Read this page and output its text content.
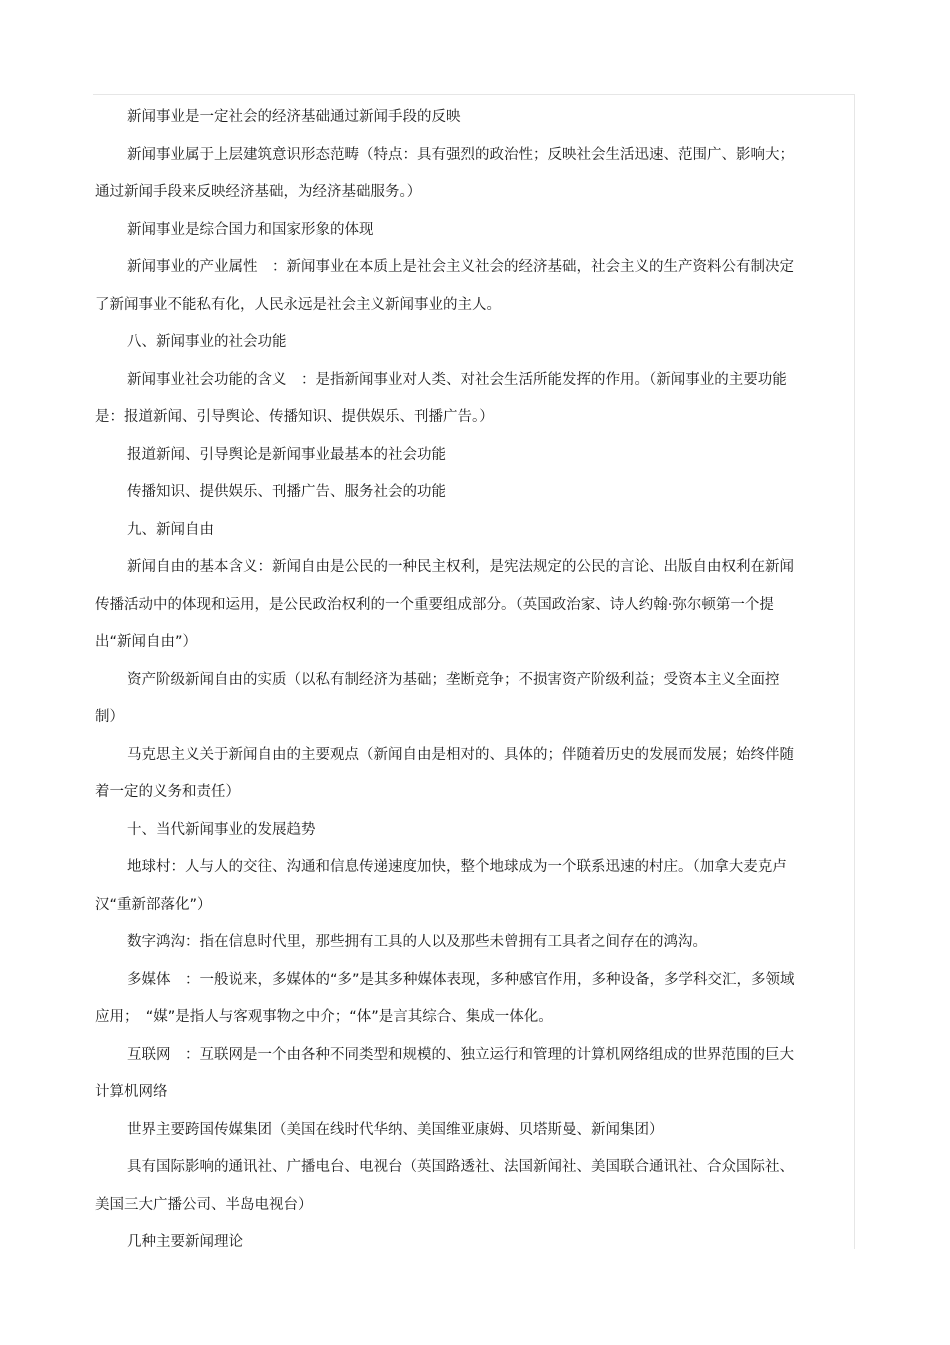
新闻事业是一定社会的经济基础通过新闻手段的反映

新闻事业属于上层建筑意识形态范畴（特点：具有强烈的政治性；反映社会生活迅速、范围广、影响大；通过新闻手段来反映经济基础，为经济基础服务。）

新闻事业是综合国力和国家形象的体现

新闻事业的产业属性　：新闻事业在本质上是社会主义社会的经济基础，社会主义的生产资料公有制决定了新闻事业不能私有化，人民永远是社会主义新闻事业的主人。

八、新闻事业的社会功能

新闻事业社会功能的含义　：是指新闻事业对人类、对社会生活所能发挥的作用。（新闻事业的主要功能是：报道新闻、引导舆论、传播知识、提供娱乐、刊播广告。）

报道新闻、引导舆论是新闻事业最基本的社会功能

传播知识、提供娱乐、刊播广告、服务社会的功能

九、新闻自由

新闻自由的基本含义：新闻自由是公民的一种民主权利，是宪法规定的公民的言论、出版自由权利在新闻传播活动中的体现和运用，是公民政治权利的一个重要组成部分。（英国政治家、诗人约翰·弥尔顿第一个提出“新闻自由”）

资产阶级新闻自由的实质（以私有制经济为基础；垄断竞争；不损害资产阶级利益；受资本主义全面控制）

马克思主义关于新闻自由的主要观点（新闻自由是相对的、具体的；伴随着历史的发展而发展；始终伴随着一定的义务和责任）

十、当代新闻事业的发展趋势

地球村：人与人的交往、沟通和信息传递速度加快，整个地球成为一个联系迅速的村庄。（加拿大麦克卢汉“重新部落化”）

数字鸿沟：指在信息时代里，那些拥有工具的人以及那些未曾拥有工具者之间存在的鸿沟。

多媒体　：一般说来，多媒体的“多”是其多种媒体表现，多种感官作用，多种设备，多学科交汇，多领域应用；　“媒”是指人与客观事物之中介；“体”是言其综合、集成一体化。

互联网　：互联网是一个由各种不同类型和规模的、独立运行和管理的计算机网络组成的世界范围的巨大计算机网络

世界主要跨国传媒集团（美国在线时代华纳、美国维亚康姆、贝塔斯曼、新闻集团）

具有国际影响的通讯社、广播电台、电视台（英国路透社、法国新闻社、美国联合通讯社、合众国际社、美国三大广播公司、半岛电视台）

几种主要新闻理论
